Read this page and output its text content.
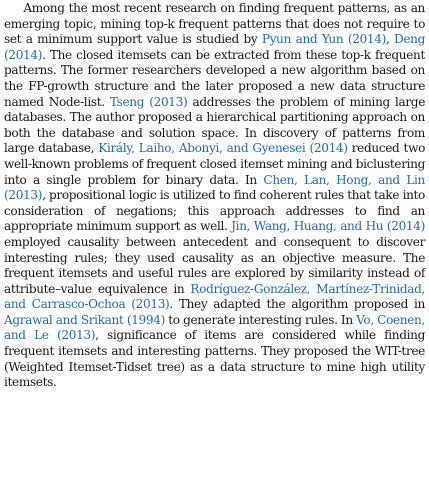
Among the most recent research on finding frequent patterns, as an emerging topic, mining top-k frequent patterns that does not require to set a minimum support value is studied by Pyun and Yun (2014), Deng (2014). The closed itemsets can be extracted from these top-k frequent patterns. The former researchers developed a new algorithm based on the FP-growth structure and the later proposed a new data structure named Node-list. Tseng (2013) addresses the problem of mining large databases. The author proposed a hierarchical partitioning approach on both the database and solution space. In discovery of patterns from large database, Király, Laiho, Abonyi, and Gyenesei (2014) reduced two well-known problems of frequent closed itemset mining and biclustering into a single problem for binary data. In Chen, Lan, Hong, and Lin (2013), propositional logic is utilized to find coherent rules that take into consideration of negations; this approach addresses to find an appropriate minimum support as well. Jin, Wang, Huang, and Hu (2014) employed causality between antecedent and consequent to discover interesting rules; they used causality as an objective measure. The frequent itemsets and useful rules are explored by similarity instead of attribute–value equivalence in Rodríguez-González, Martínez-Trinidad, and Carrasco-Ochoa (2013). They adapted the algorithm proposed in Agrawal and Srikant (1994) to generate interesting rules. In Vo, Coenen, and Le (2013), significance of items are considered while finding frequent itemsets and interesting patterns. They proposed the WIT-tree (Weighted Itemset-Tidset tree) as a data structure to mine high utility itemsets.
